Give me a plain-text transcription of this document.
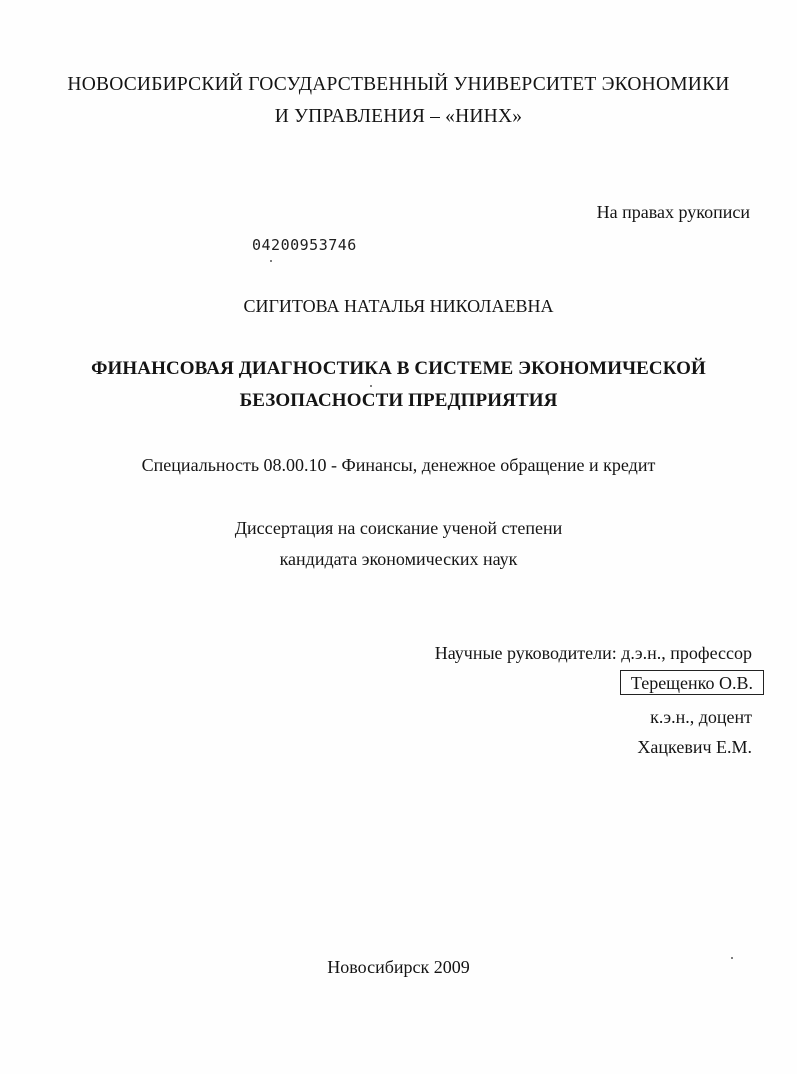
НОВОСИБИРСКИЙ ГОСУДАРСТВЕННЫЙ УНИВЕРСИТЕТ ЭКОНОМИКИ
И УПРАВЛЕНИЯ – «НИНХ»
На правах рукописи
04200953746
СИГИТОВА НАТАЛЬЯ НИКОЛАЕВНА
ФИНАНСОВАЯ ДИАГНОСТИКА В СИСТЕМЕ ЭКОНОМИЧЕСКОЙ
БЕЗОПАСНОСТИ ПРЕДПРИЯТИЯ
Специальность 08.00.10 - Финансы, денежное обращение и кредит
Диссертация на соискание ученой степени
кандидата экономических наук
Научные руководители: д.э.н., профессор
Терещенко О.В.
к.э.н., доцент
Хацкевич Е.М.
Новосибирск 2009
